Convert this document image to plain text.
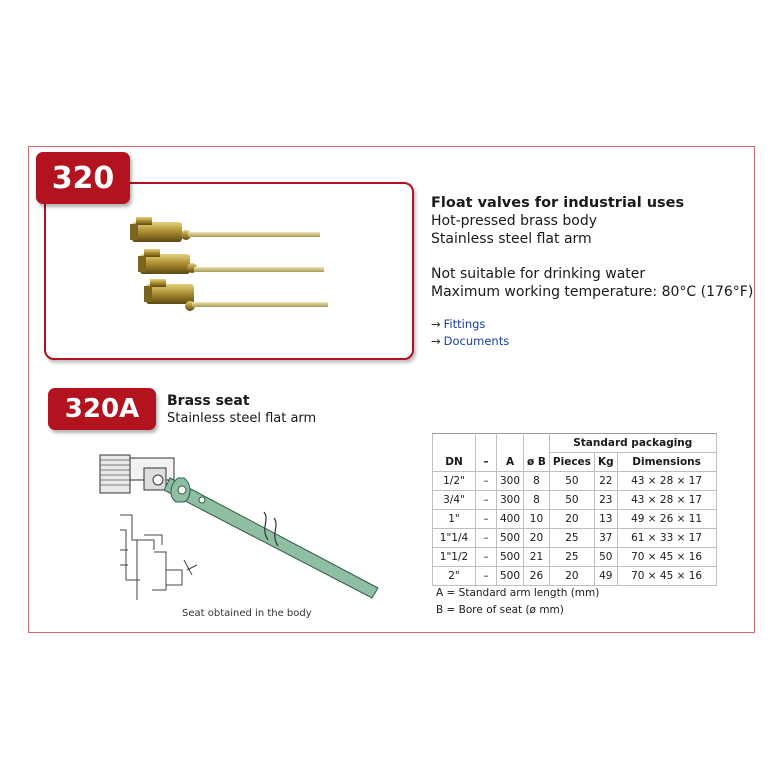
320
Float valves for industrial uses
Hot-pressed brass body
Stainless steel flat arm
Not suitable for drinking water
Maximum working temperature: 80°C (176°F)
→ Fittings
→ Documents
320A	Brass seat
Stainless steel flat arm
Seat obtained in the body
				Standard packaging		
DN	–	A	ø B	Pieces	Kg	Dimensions
1/2"	–	300	8	50	22	43 × 28 × 17
3/4"	–	300	8	50	23	43 × 28 × 17
1"	–	400	10	20	13	49 × 26 × 11
1"1/4	–	500	20	25	37	61 × 33 × 17
1"1/2	–	500	21	25	50	70 × 45 × 16
2"	–	500	26	20	49	70 × 45 × 16
A = Standard arm length (mm)
B = Bore of seat (ø mm)
